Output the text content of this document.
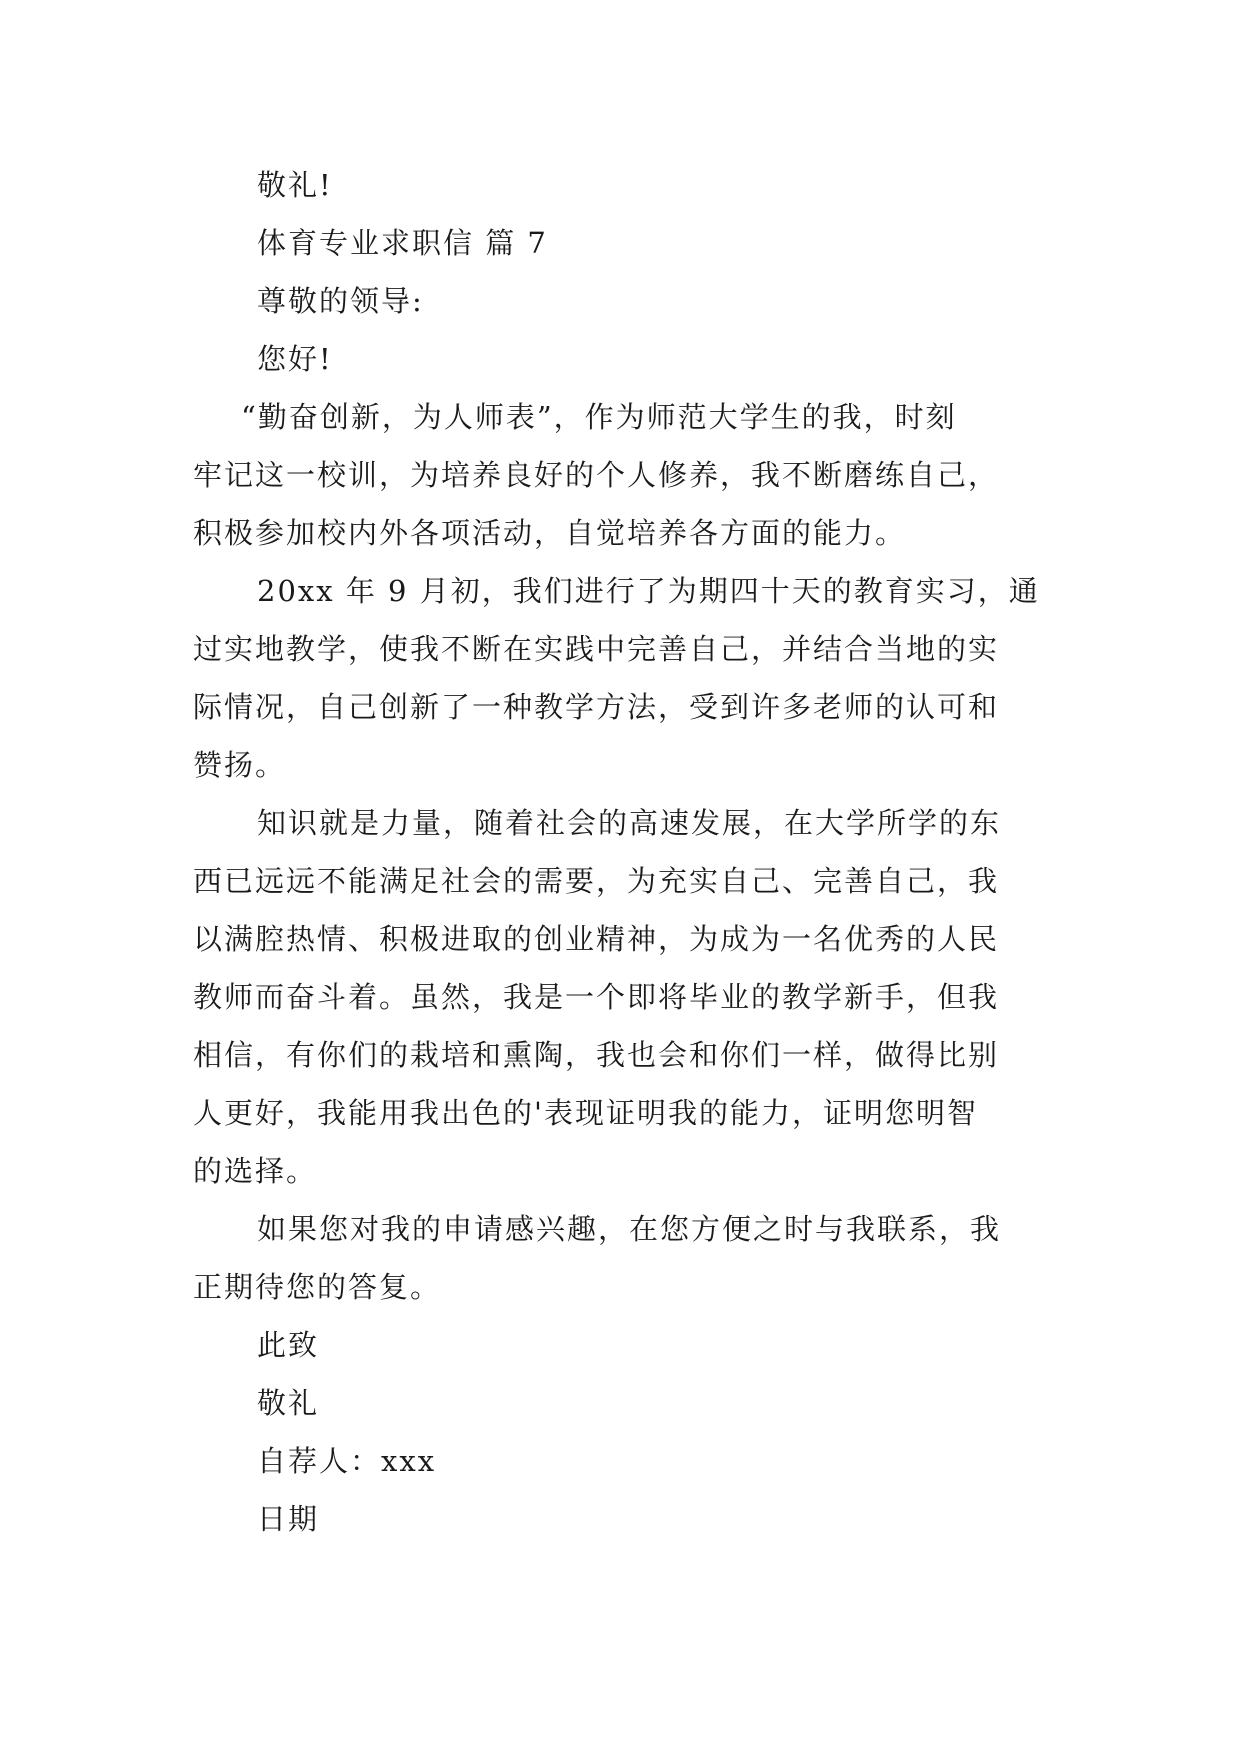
敬礼!
体育专业求职信 篇 7
尊敬的领导:
您好!
“勤奋创新，为人师表”，作为师范大学生的我，时刻
牢记这一校训，为培养良好的个人修养，我不断磨练自己，
积极参加校内外各项活动，自觉培养各方面的能力。
20xx 年 9 月初，我们进行了为期四十天的教育实习，通
过实地教学，使我不断在实践中完善自己，并结合当地的实
际情况，自己创新了一种教学方法，受到许多老师的认可和
赞扬。
知识就是力量，随着社会的高速发展，在大学所学的东
西已远远不能满足社会的需要，为充实自己、完善自己，我
以满腔热情、积极进取的创业精神，为成为一名优秀的人民
教师而奋斗着。虽然，我是一个即将毕业的教学新手，但我
相信，有你们的栽培和熏陶，我也会和你们一样，做得比别
人更好，我能用我出色的'表现证明我的能力，证明您明智
的选择。
如果您对我的申请感兴趣，在您方便之时与我联系，我
正期待您的答复。
此致
敬礼
自荐人：xxx
日期
